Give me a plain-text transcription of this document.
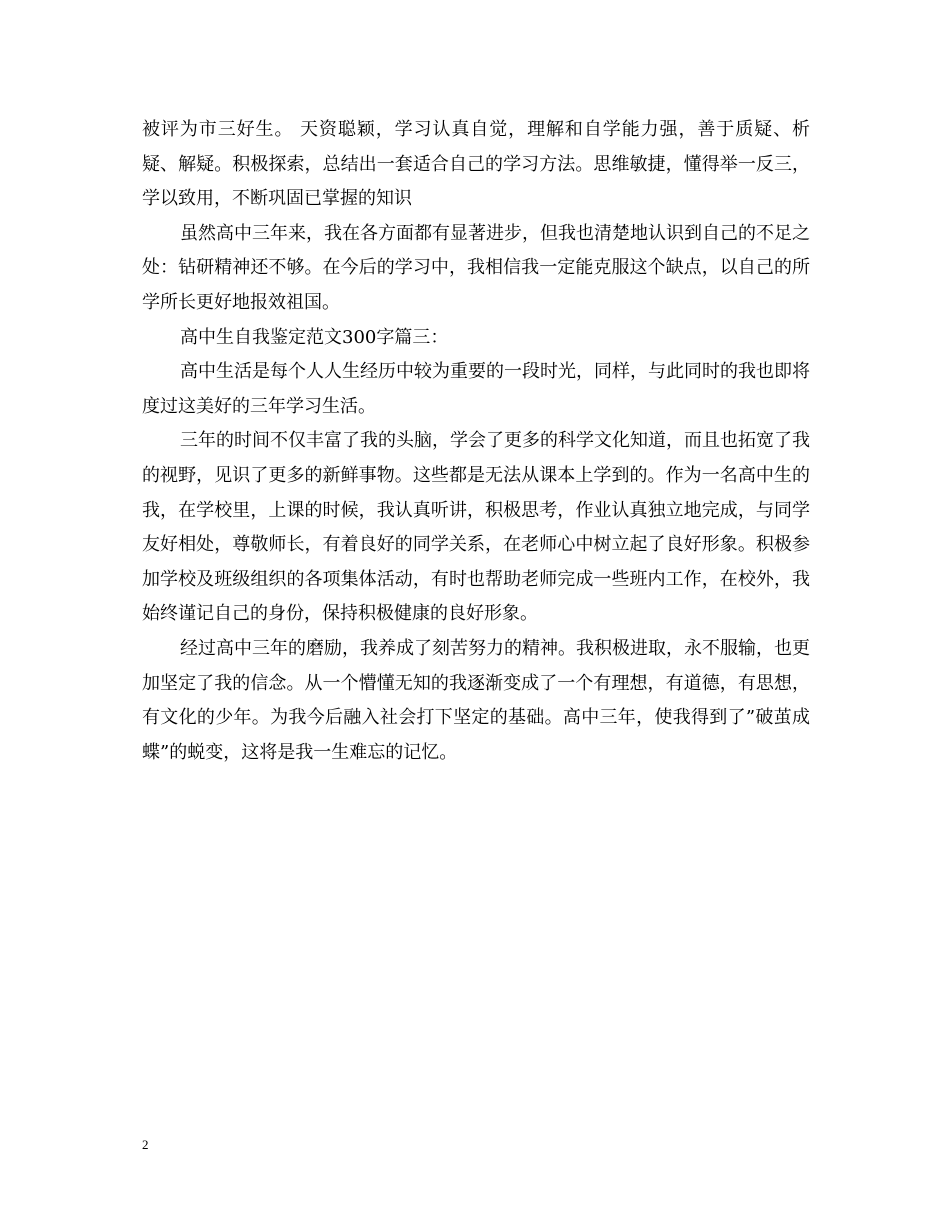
被评为市三好生。 天资聪颖，学习认真自觉，理解和自学能力强，善于质疑、析疑、解疑。积极探索，总结出一套适合自己的学习方法。思维敏捷，懂得举一反三，学以致用，不断巩固已掌握的知识

虽然高中三年来，我在各方面都有显著进步，但我也清楚地认识到自己的不足之处：钻研精神还不够。在今后的学习中，我相信我一定能克服这个缺点，以自己的所学所长更好地报效祖国。

高中生自我鉴定范文300字篇三：

高中生活是每个人人生经历中较为重要的一段时光，同样，与此同时的我也即将度过这美好的三年学习生活。

三年的时间不仅丰富了我的头脑，学会了更多的科学文化知道，而且也拓宽了我的视野，见识了更多的新鲜事物。这些都是无法从课本上学到的。作为一名高中生的我，在学校里，上课的时候，我认真听讲，积极思考，作业认真独立地完成，与同学友好相处，尊敬师长，有着良好的同学关系，在老师心中树立起了良好形象。积极参加学校及班级组织的各项集体活动，有时也帮助老师完成一些班内工作，在校外，我始终谨记自己的身份，保持积极健康的良好形象。

经过高中三年的磨励，我养成了刻苦努力的精神。我积极进取，永不服输，也更加坚定了我的信念。从一个懵懂无知的我逐渐变成了一个有理想，有道德，有思想，有文化的少年。为我今后融入社会打下坚定的基础。高中三年，使我得到了”破茧成蝶”的蜕变，这将是我一生难忘的记忆。

2
